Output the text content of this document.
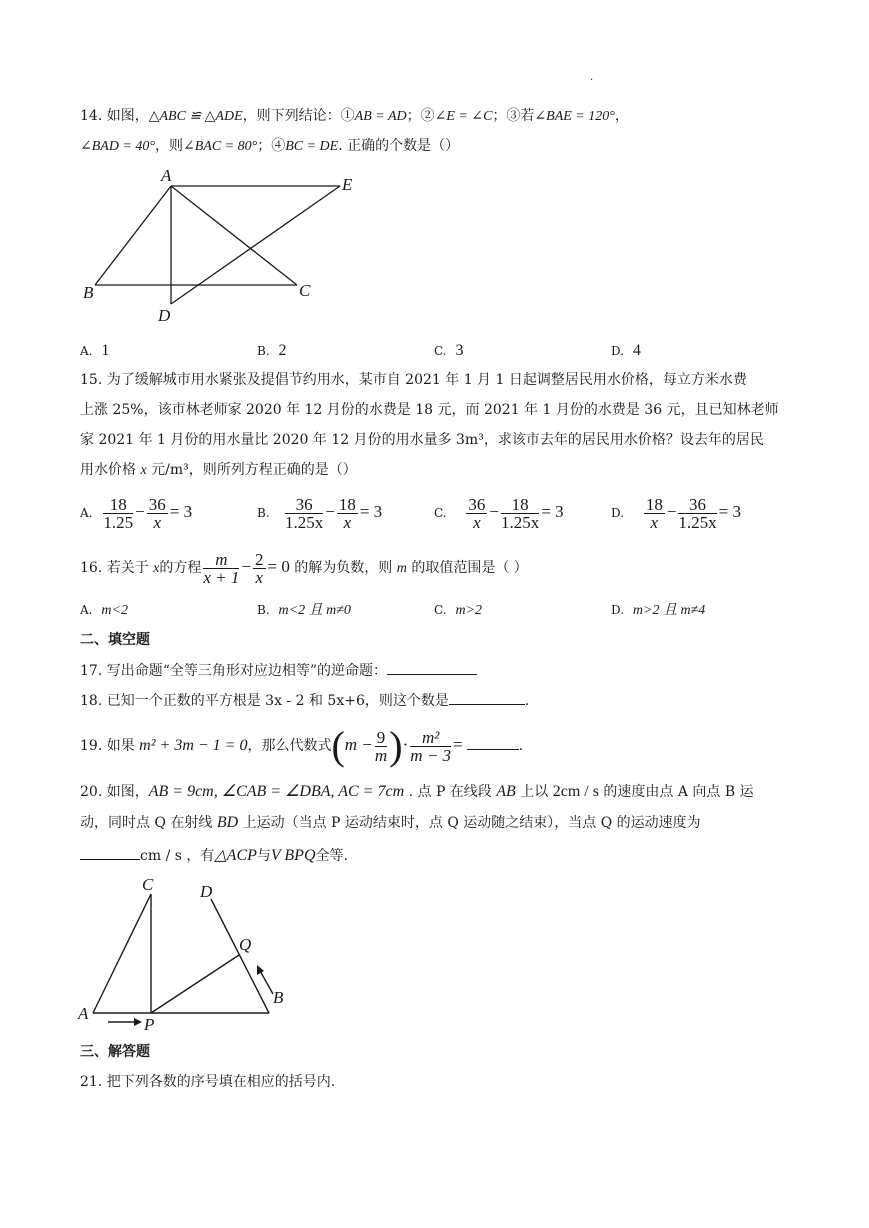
.
14. 如图，△ABC ≌ △ADE，则下列结论：①AB = AD；②∠E = ∠C；③若∠BAE = 120°，
∠BAD = 40°，则∠BAC = 80°；④BC = DE. 正确的个数是（）
A	E
B	C
D
A. 1	B. 2	C. 3	D. 4
15. 为了缓解城市用水紧张及提倡节约用水，某市自 2021 年 1 月 1 日起调整居民用水价格，每立方米水费
上涨 25%，该市林老师家 2020 年 12 月份的水费是 18 元，而 2021 年 1 月份的水费是 36 元，且已知林老师
家 2021 年 1 月份的用水量比 2020 年 12 月份的用水量多 3m³，求该市去年的居民用水价格？设去年的居民
用水价格 x 元/m³，则所列方程正确的是（）
A. $\frac{18}{1.25} - \frac{36}{x} = 3$	B. $\frac{36}{1.25x} - \frac{18}{x} = 3$	C. $\frac{36}{x} - \frac{18}{1.25x} = 3$	D. $\frac{18}{x} - \frac{36}{1.25x} = 3$
16. 若关于 x的方程 $\frac{m}{x + 1} - \frac{2}{x} = 0$ 的解为负数，则 m 的取值范围是（ ）
A. m<2	B. m<2 且 m≠0	C. m>2	D. m>2 且 m≠4
二、填空题
17. 写出命题“全等三角形对应边相等”的逆命题：
18. 已知一个正数的平方根是 3x - 2 和 5x+6，则这个数是	.
19. 如果 m² + 3m − 1 = 0，那么代数式($m - \frac{9}{m}$ )· $\frac{\text{m²}}{m - 3}$ =	.
20. 如图，AB = 9cm, ∠CAB = ∠DBA, AC = 7cm . 点 P 在线段 AB 上以 2cm / s 的速度由点 A 向点 B 运
动，同时点 Q 在射线 BD 上运动（当点 P 运动结束时，点 Q 运动随之结束），当点 Q 的运动速度为
cm / s ，有△ACP与V BPQ全等.
C	D
Q
B
A
P
三、解答题
21. 把下列各数的序号填在相应的括号内.
